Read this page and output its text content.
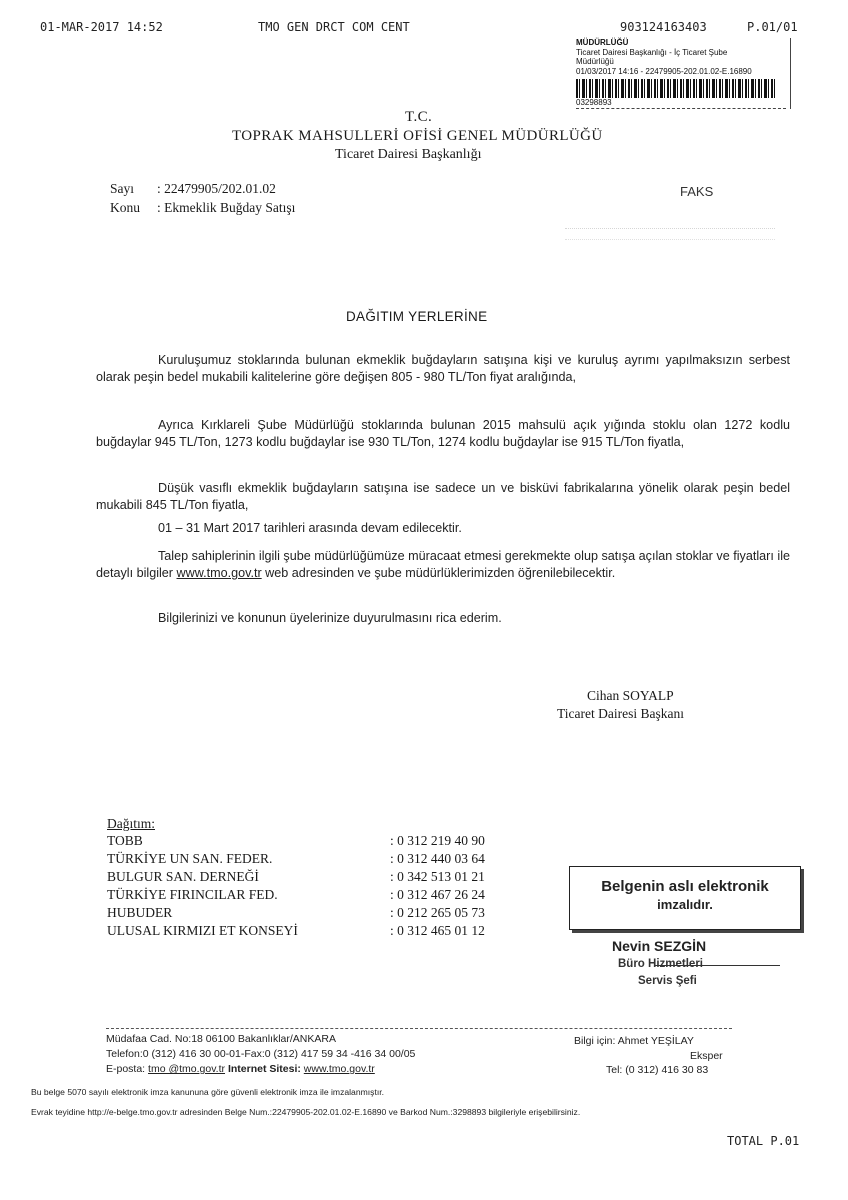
01-MAR-2017 14:52	TMO GEN DRCT COM CENT	903124163403	P.01/01
MÜDÜRLÜĞÜ
Ticaret Dairesi Başkanlığı - İç Ticaret Şube
Müdürlüğü
01/03/2017 14:16 - 22479905-202.01.02-E.16890
03298893
T.C.
TOPRAK MAHSULLERİ OFİSİ GENEL MÜDÜRLÜĞÜ
Ticaret Dairesi Başkanlığı
Sayı : 22479905/202.01.02
Konu : Ekmeklik Buğday Satışı
FAKS
DAĞITIM YERLERİNE
Kuruluşumuz stoklarında bulunan ekmeklik buğdayların satışına kişi ve kuruluş ayrımı yapılmaksızın serbest olarak peşin bedel mukabili kalitelerine göre değişen 805 - 980 TL/Ton fiyat aralığında,
Ayrıca Kırklareli Şube Müdürlüğü stoklarında bulunan 2015 mahsulü açık yığında stoklu olan 1272 kodlu buğdaylar 945 TL/Ton, 1273 kodlu buğdaylar ise 930 TL/Ton, 1274 kodlu buğdaylar ise 915 TL/Ton fiyatla,
Düşük vasıflı ekmeklik buğdayların satışına ise sadece un ve bisküvi fabrikalarına yönelik olarak peşin bedel mukabili 845 TL/Ton fiyatla,
01 – 31 Mart 2017 tarihleri arasında devam edilecektir.
Talep sahiplerinin ilgili şube müdürlüğümüze müracaat etmesi gerekmekte olup satışa açılan stoklar ve fiyatları ile detaylı bilgiler www.tmo.gov.tr web adresinden ve şube müdürlüklerimizden öğrenilebilecektir.
Bilgilerinizi ve konunun üyelerinize duyurulmasını rica ederim.
Cihan SOYALP
Ticaret Dairesi Başkanı
Dağıtım:
TOBB	: 0 312 219 40 90
TÜRKİYE UN SAN. FEDER.	: 0 312 440 03 64
BULGUR SAN. DERNEĞİ	: 0 342 513 01 21
TÜRKİYE FIRINCILAR FED.	: 0 312 467 26 24
HUBUDER	: 0 212 265 05 73
ULUSAL KIRMIZI ET KONSEYİ	: 0 312 465 01 12
Belgenin aslı elektronik
imzalıdır.
Nevin SEZGİN
Büro Hizmetleri
Servis Şefi
Müdafaa Cad. No:18 06100 Bakanlıklar/ANKARA
Telefon:0 (312) 416 30 00-01-Fax:0 (312) 417 59 34 -416 34 00/05
E-posta: tmo @tmo.gov.tr Internet Sitesi: www.tmo.gov.tr
Bilgi için: Ahmet YEŞİLAY
Eksper
Tel: (0 312) 416 30 83
Bu belge 5070 sayılı elektronik imza kanununa göre güvenli elektronik imza ile imzalanmıştır.
Evrak teyidine http://e-belge.tmo.gov.tr adresinden Belge Num.:22479905-202.01.02-E.16890 ve Barkod Num.:3298893 bilgileriyle erişebilirsiniz.
TOTAL P.01
